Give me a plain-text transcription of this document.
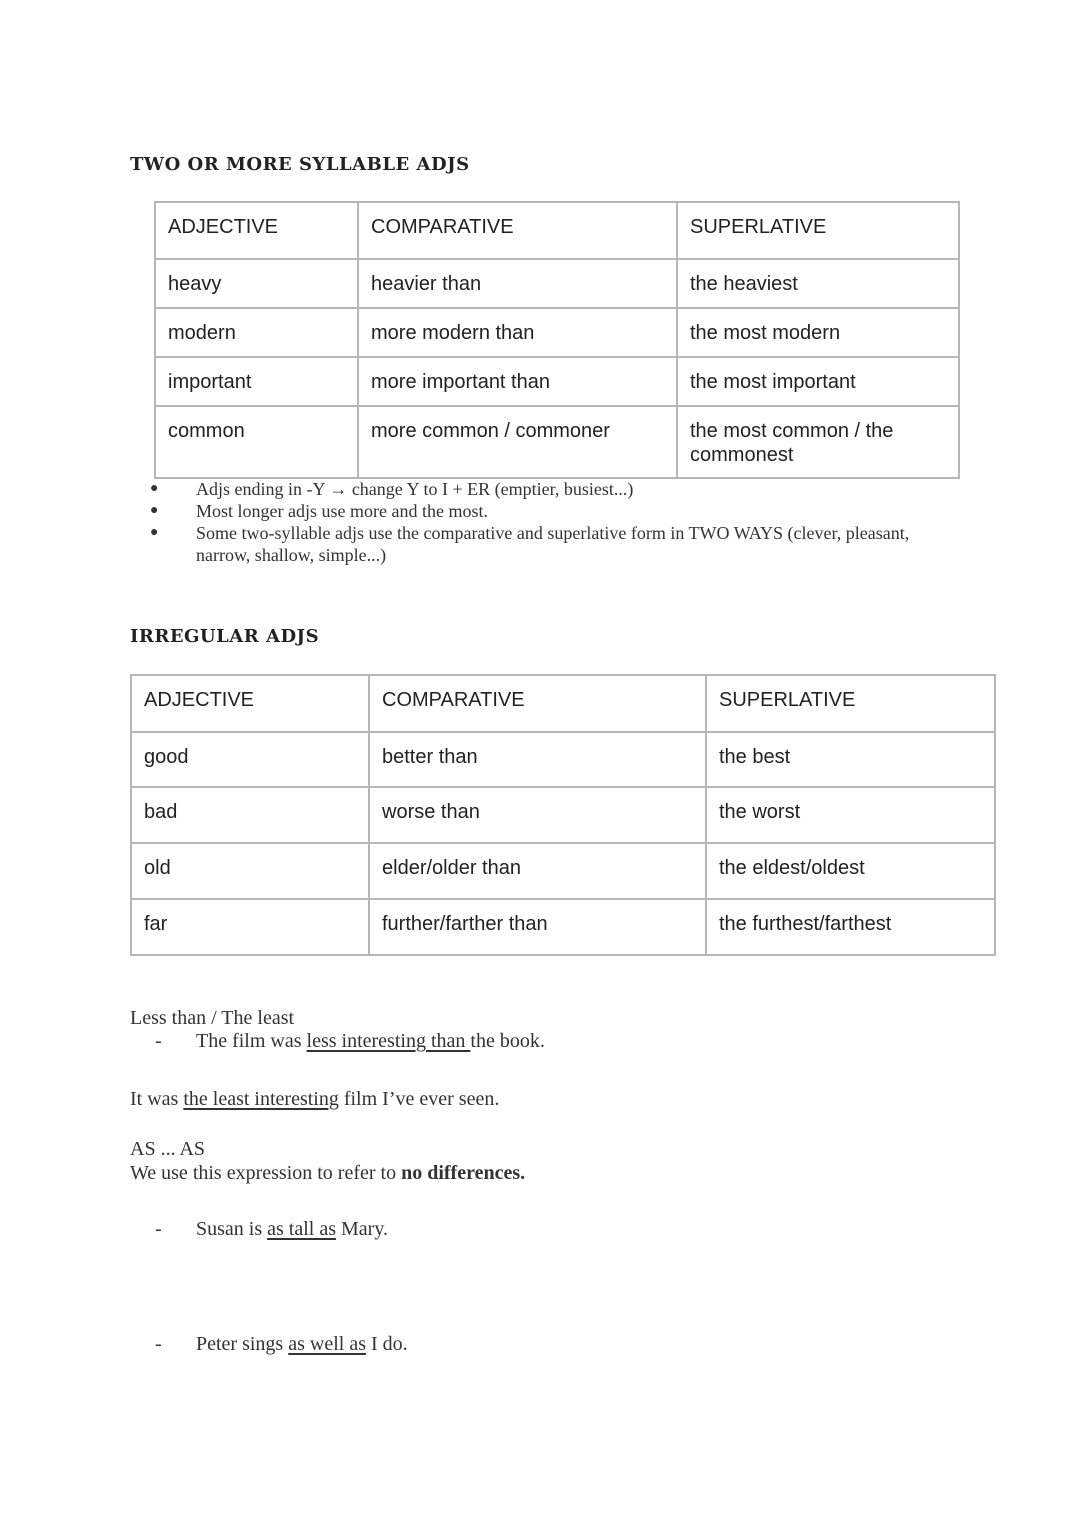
TWO OR MORE SYLLABLE ADJS
ADJECTIVE	COMPARATIVE	SUPERLATIVE
heavy	heavier than	the heaviest
modern	more modern than	the most modern
important	more important than	the most important
common	more common / commoner	the most common / the commonest
● Adjs ending in -Y → change Y to I + ER (emptier, busiest...)
● Most longer adjs use more and the most.
● Some two-syllable adjs use the comparative and superlative form in TWO WAYS (clever, pleasant, narrow, shallow, simple...)
IRREGULAR ADJS
ADJECTIVE	COMPARATIVE	SUPERLATIVE
good	better than	the best
bad	worse than	the worst
old	elder/older than	the eldest/oldest
far	further/farther than	the furthest/farthest
Less than / The least
- The film was less interesting than the book.
It was the least interesting film I’ve ever seen.
AS ... AS
We use this expression to refer to no differences.
- Susan is as tall as Mary.
- Peter sings as well as I do.
